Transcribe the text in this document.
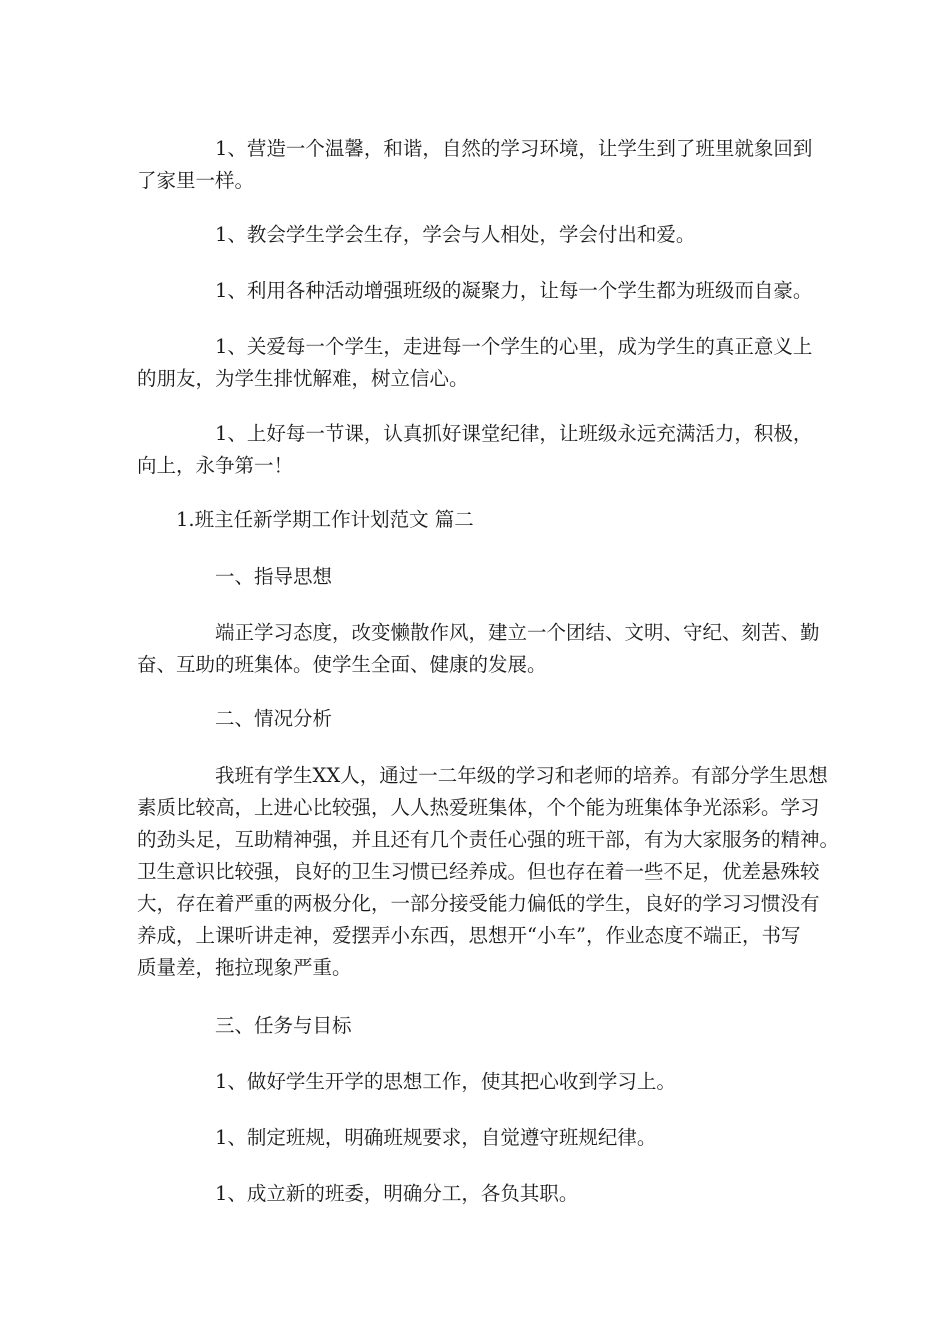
1、营造一个温馨，和谐，自然的学习环境，让学生到了班里就象回到
了家里一样。

1、教会学生学会生存，学会与人相处，学会付出和爱。

1、利用各种活动增强班级的凝聚力，让每一个学生都为班级而自豪。

1、关爱每一个学生，走进每一个学生的心里，成为学生的真正意义上
的朋友，为学生排忧解难，树立信心。

1、上好每一节课，认真抓好课堂纪律，让班级永远充满活力，积极，
向上，永争第一！

1.班主任新学期工作计划范文 篇二

一、指导思想

端正学习态度，改变懒散作风，建立一个团结、文明、守纪、刻苦、勤
奋、互助的班集体。使学生全面、健康的发展。

二、情况分析

我班有学生XX人，通过一二年级的学习和老师的培养。有部分学生思想
素质比较高，上进心比较强，人人热爱班集体，个个能为班集体争光添彩。学习
的劲头足，互助精神强，并且还有几个责任心强的班干部，有为大家服务的精神。
卫生意识比较强，良好的卫生习惯已经养成。但也存在着一些不足，优差悬殊较
大，存在着严重的两极分化，一部分接受能力偏低的学生，良好的学习习惯没有
养成，上课听讲走神，爱摆弄小东西，思想开“小车”，作业态度不端正，书写
质量差，拖拉现象严重。

三、任务与目标

1、做好学生开学的思想工作，使其把心收到学习上。

1、制定班规，明确班规要求，自觉遵守班规纪律。

1、成立新的班委，明确分工，各负其职。
